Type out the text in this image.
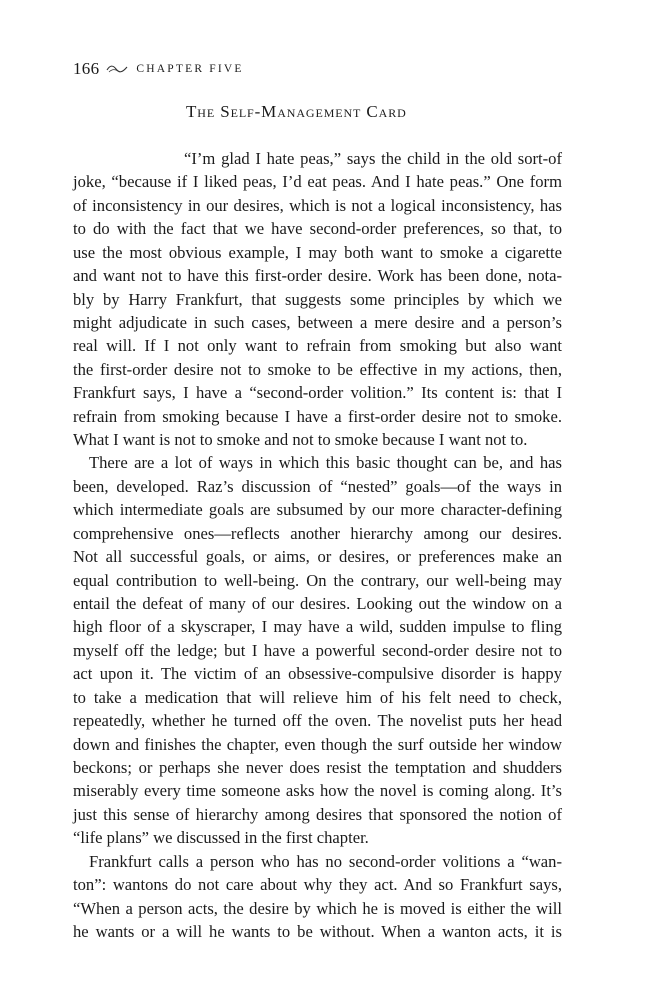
166	CHAPTER FIVE
The Self-Management Card
“I’m glad I hate peas,” says the child in the old sort-of
joke, “because if I liked peas, I’d eat peas. And I hate peas.” One form
of inconsistency in our desires, which is not a logical inconsistency, has
to do with the fact that we have second-order preferences, so that, to
use the most obvious example, I may both want to smoke a cigarette
and want not to have this first-order desire. Work has been done, nota-
bly by Harry Frankfurt, that suggests some principles by which we
might adjudicate in such cases, between a mere desire and a person’s
real will. If I not only want to refrain from smoking but also want
the first-order desire not to smoke to be effective in my actions, then,
Frankfurt says, I have a “second-order volition.” Its content is: that I
refrain from smoking because I have a first-order desire not to smoke.
What I want is not to smoke and not to smoke because I want not to.
There are a lot of ways in which this basic thought can be, and has
been, developed. Raz’s discussion of “nested” goals—of the ways in
which intermediate goals are subsumed by our more character-defining
comprehensive ones—reflects another hierarchy among our desires.
Not all successful goals, or aims, or desires, or preferences make an
equal contribution to well-being. On the contrary, our well-being may
entail the defeat of many of our desires. Looking out the window on a
high floor of a skyscraper, I may have a wild, sudden impulse to fling
myself off the ledge; but I have a powerful second-order desire not to
act upon it. The victim of an obsessive-compulsive disorder is happy
to take a medication that will relieve him of his felt need to check,
repeatedly, whether he turned off the oven. The novelist puts her head
down and finishes the chapter, even though the surf outside her window
beckons; or perhaps she never does resist the temptation and shudders
miserably every time someone asks how the novel is coming along. It’s
just this sense of hierarchy among desires that sponsored the notion of
“life plans” we discussed in the first chapter.
Frankfurt calls a person who has no second-order volitions a “wan-
ton”: wantons do not care about why they act. And so Frankfurt says,
“When a person acts, the desire by which he is moved is either the will
he wants or a will he wants to be without. When a wanton acts, it is
